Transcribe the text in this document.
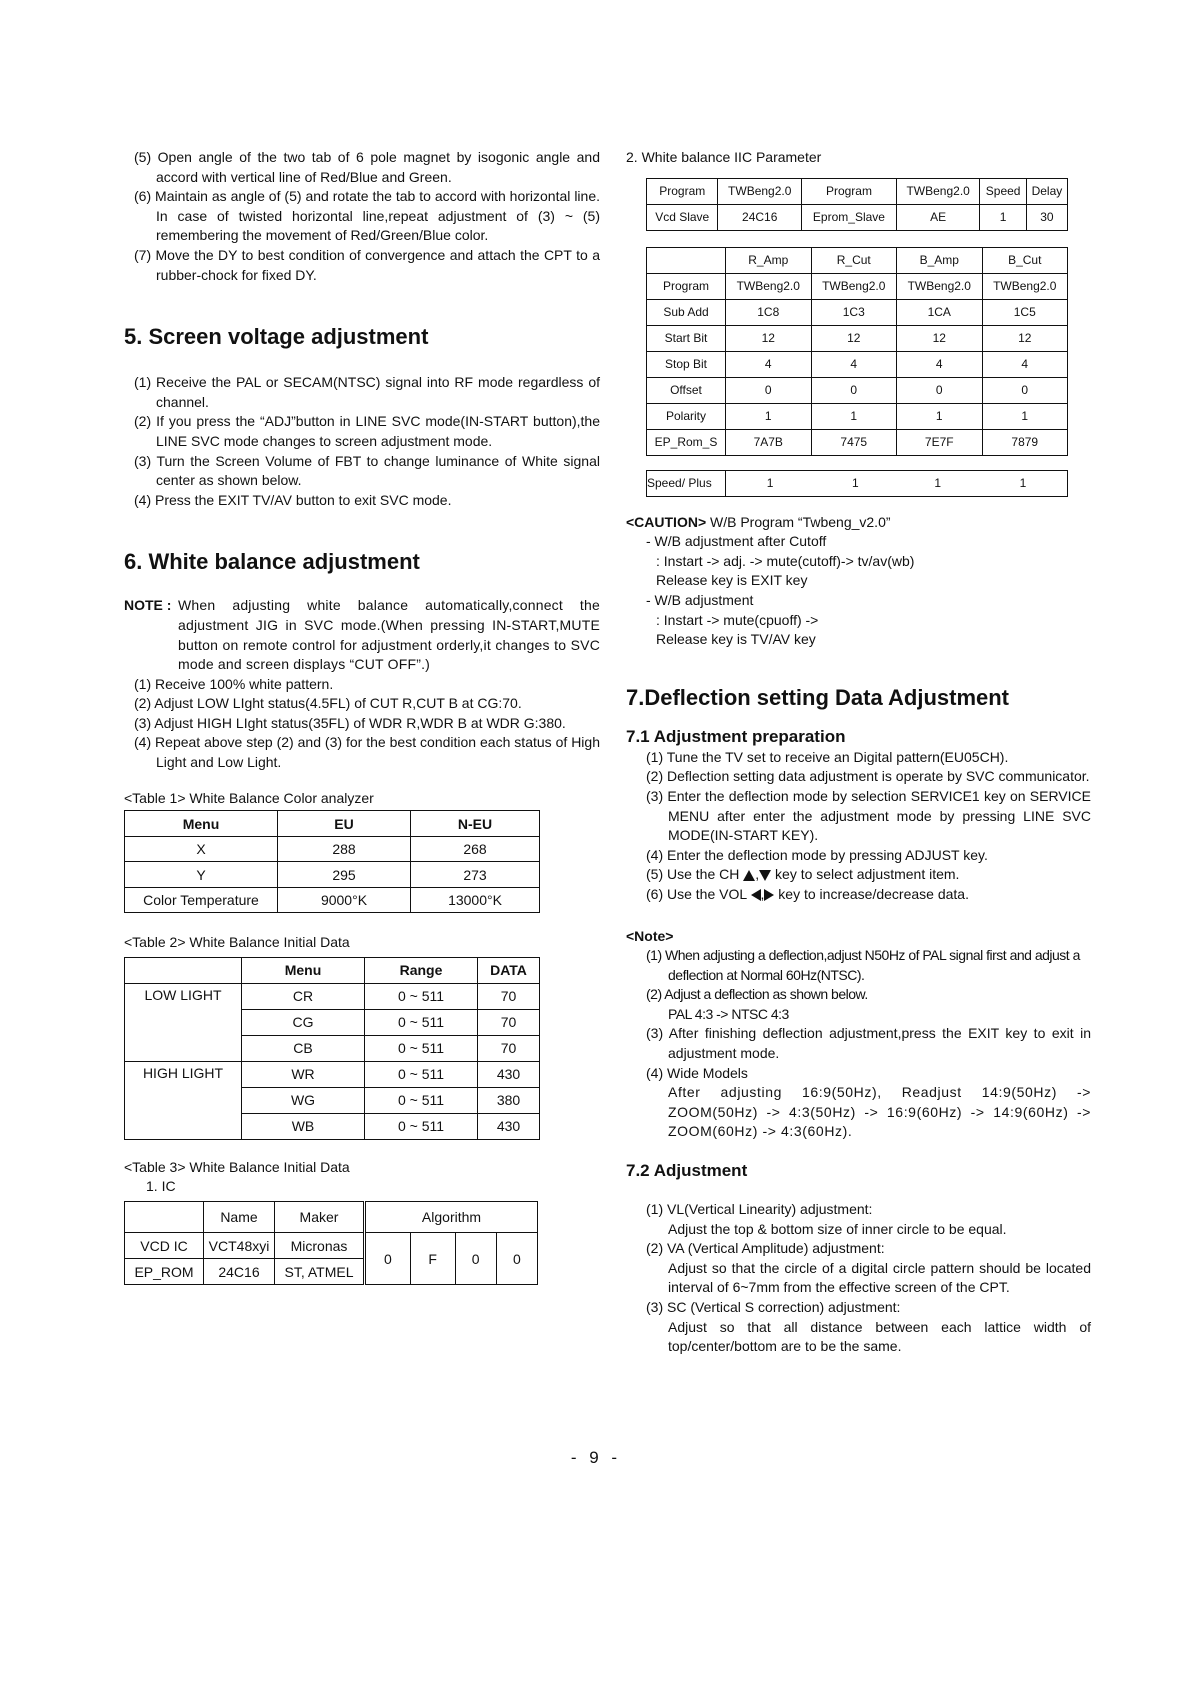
(5) Open angle of the two tab of 6 pole magnet by isogonic angle and accord with vertical line of Red/Blue and Green.

(6) Maintain as angle of (5) and rotate the tab to accord with horizontal line. In case of twisted horizontal line,repeat adjustment of (3) ~ (5) remembering the movement of Red/Green/Blue color.

(7) Move the DY to best condition of convergence and attach the CPT to a rubber-chock for fixed DY.

5. Screen voltage adjustment

(1) Receive the PAL or SECAM(NTSC) signal into RF mode regardless of channel.

(2) If you press the “ADJ”button in LINE SVC mode(IN-START button),the LINE SVC mode changes to screen adjustment mode.

(3) Turn the Screen Volume of FBT to change luminance of White signal center as shown below.

(4) Press the EXIT TV/AV button to exit SVC mode.

6. White balance adjustment
NOTE : When adjusting white balance automatically,connect the adjustment JIG in SVC mode.(When pressing IN-START,MUTE button on remote control for adjustment orderly,it changes to SVC mode and screen displays “CUT OFF”.)

(1) Receive 100% white pattern.

(2) Adjust LOW LIght status(4.5FL) of CUT R,CUT B at CG:70.

(3) Adjust HIGH LIght status(35FL) of WDR R,WDR B at WDR G:380.

(4) Repeat above step (2) and (3) for the best condition each status of High Light and Low Light.

<Table 1> White Balance Color analyzer

Menu	EU	N-EU
X	288	268
Y	295	273
Color Temperature	9000°K	13000°K

<Table 2> White Balance Initial Data

	Menu	Range	DATA
LOW LIGHT	CR	0 ~ 511	70
	CG	0 ~ 511	70
	CB	0 ~ 511	70
HIGH LIGHT	WR	0 ~ 511	430
	WG	0 ~ 511	380
	WB	0 ~ 511	430

<Table 3> White Balance Initial Data

1. IC

	Name	Maker	Algorithm			
VCD IC	VCT48xyi	Micronas	0	F	0	0
EP_ROM	24C16	ST, ATMEL				

2. White balance IIC Parameter

Program	TWBeng2.0	Program	TWBeng2.0	Speed	Delay
Vcd Slave	24C16	Eprom_Slave	AE	1	30
	R_Amp	R_Cut	B_Amp	B_Cut
Program	TWBeng2.0	TWBeng2.0	TWBeng2.0	TWBeng2.0
Sub Add	1C8	1C3	1CA	1C5
Start Bit	12	12	12	12
Stop Bit	4	4	4	4
Offset	0	0	0	0
Polarity	1	1	1	1
EP_Rom_S	7A7B	7475	7E7F	7879
Speed/ Plus	1	1	1	1

<CAUTION> W/B Program “Twbeng_v2.0”

- W/B adjustment after Cutoff

: Instart -> adj. -> mute(cutoff)-> tv/av(wb)

Release key is EXIT key

- W/B adjustment

: Instart -> mute(cpuoff) ->

Release key is TV/AV key

7.Deflection setting Data Adjustment
7.1 Adjustment preparation

(1) Tune the TV set to receive an Digital pattern(EU05CH).

(2) Deflection setting data adjustment is operate by SVC communicator.

(3) Enter the deflection mode by selection SERVICE1 key on SERVICE MENU after enter the adjustment mode by pressing LINE SVC MODE(IN-START KEY).

(4) Enter the deflection mode by pressing ADJUST key.

(5) Use the CH , key to select adjustment item.

(6) Use the VOL , key to increase/decrease data.

<Note>

(1) When adjusting a deflection,adjust N50Hz of PAL signal first and adjust a deflection at Normal 60Hz(NTSC).

(2) Adjust a deflection as shown below.

PAL 4:3 -> NTSC 4:3

(3) After finishing deflection adjustment,press the EXIT key to exit in adjustment mode.

(4) Wide Models

After adjusting 16:9(50Hz), Readjust 14:9(50Hz) -> ZOOM(50Hz) -> 4:3(50Hz) -> 16:9(60Hz) -> 14:9(60Hz) -> ZOOM(60Hz) -> 4:3(60Hz).

7.2 Adjustment

(1) VL(Vertical Linearity) adjustment:

Adjust the top & bottom size of inner circle to be equal.

(2) VA (Vertical Amplitude) adjustment:

Adjust so that the circle of a digital circle pattern should be located interval of 6~7mm from the effective screen of the CPT.

(3) SC (Vertical S correction) adjustment:

Adjust so that all distance between each lattice width of top/center/bottom are to be the same.

- 9 -
